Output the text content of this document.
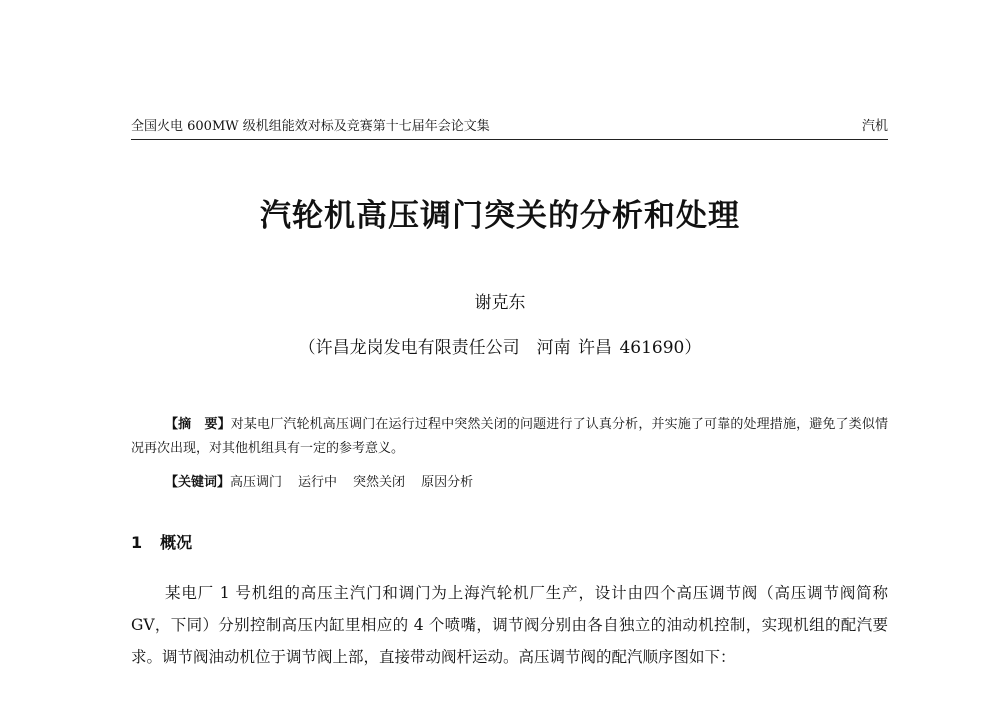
全国火电 600MW 级机组能效对标及竞赛第十七届年会论文集	汽机
汽轮机高压调门突关的分析和处理
谢克东
（许昌龙岗发电有限责任公司　河南 许昌 461690）
【摘　要】对某电厂汽轮机高压调门在运行过程中突然关闭的问题进行了认真分析，并实施了可靠的处理措施，避免了类似情况再次出现，对其他机组具有一定的参考意义。
【关键词】高压调门 运行中 突然关闭 原因分析
1 概况
某电厂 1 号机组的高压主汽门和调门为上海汽轮机厂生产，设计由四个高压调节阀（高压调节阀简称 GV，下同）分别控制高压内缸里相应的 4 个喷嘴，调节阀分别由各自独立的油动机控制，实现机组的配汽要求。调节阀油动机位于调节阀上部，直接带动阀杆运动。高压调节阀的配汽顺序图如下：
